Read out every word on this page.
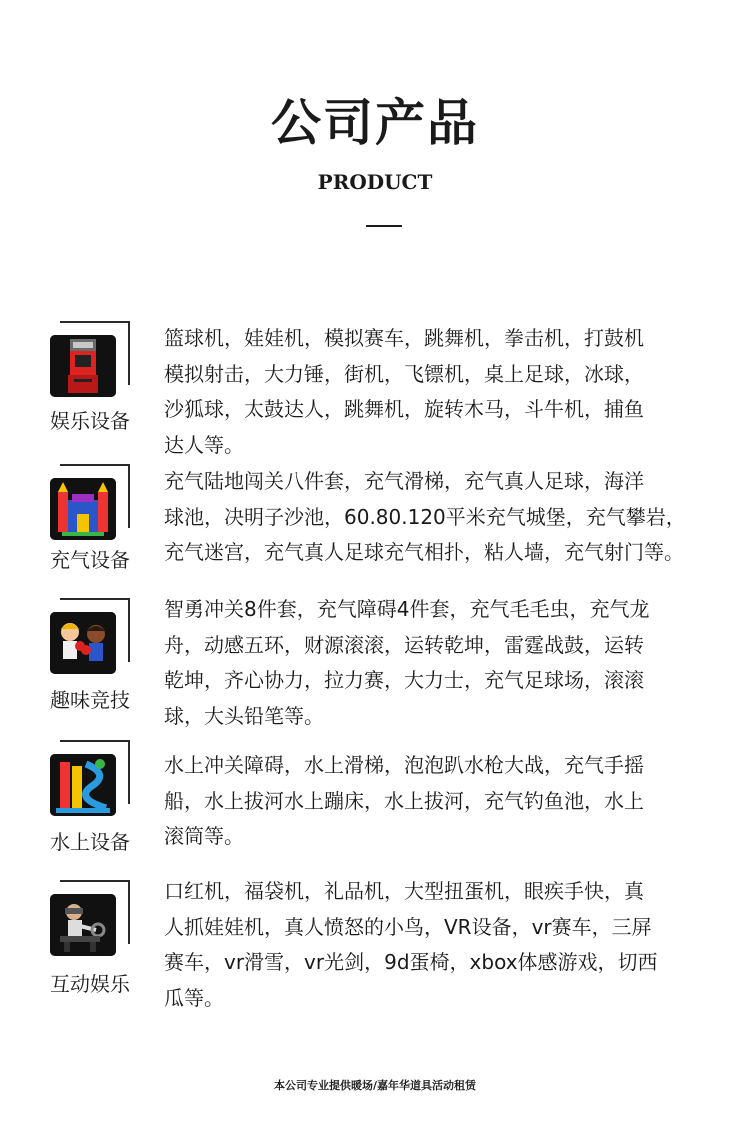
公司产品
PRODUCT
娱乐设备
篮球机，娃娃机，模拟赛车，跳舞机，拳击机，打鼓机
模拟射击，大力锤，街机，飞镖机，桌上足球，冰球，
沙狐球，太鼓达人，跳舞机，旋转木马，斗牛机，捕鱼
达人等。
充气设备
充气陆地闯关八件套，充气滑梯，充气真人足球，海洋
球池，决明子沙池，60.80.120平米充气城堡，充气攀岩，
充气迷宫，充气真人足球充气相扑，粘人墙，充气射门等。
趣味竞技
智勇冲关8件套，充气障碍4件套，充气毛毛虫，充气龙
舟，动感五环，财源滚滚，运转乾坤，雷霆战鼓，运转
乾坤，齐心协力，拉力赛，大力士，充气足球场，滚滚
球，大头铅笔等。
水上设备
水上冲关障碍，水上滑梯，泡泡趴水枪大战，充气手摇
船，水上拔河水上蹦床，水上拔河，充气钓鱼池，水上
滚筒等。
互动娱乐
口红机，福袋机，礼品机，大型扭蛋机，眼疾手快，真
人抓娃娃机，真人愤怒的小鸟，VR设备，vr赛车，三屏
赛车，vr滑雪，vr光剑，9d蛋椅，xbox体感游戏，切西
瓜等。
本公司专业提供暖场/嘉年华道具活动租赁
